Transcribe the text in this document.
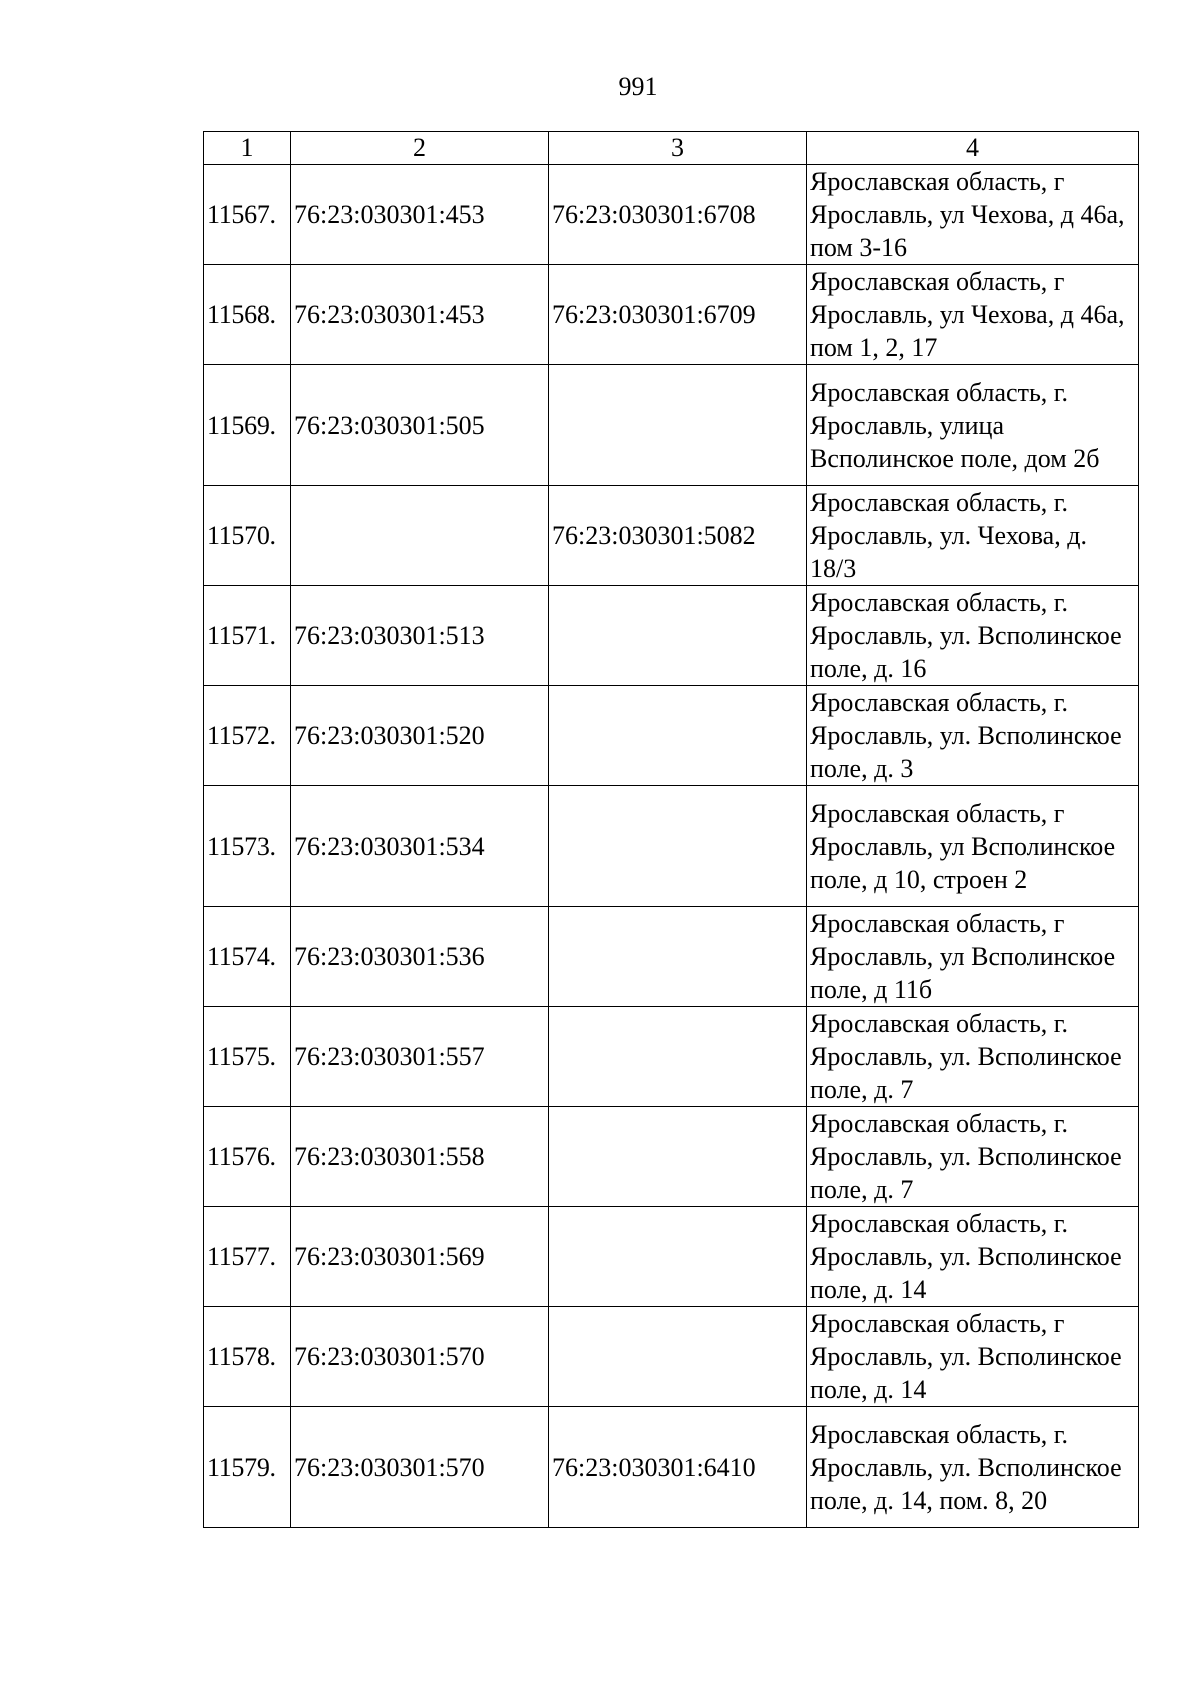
991
1	2	3	4
11567.	76:23:030301:453	76:23:030301:6708	Ярославская область, г Ярославль, ул Чехова, д 46а, пом 3-16
11568.	76:23:030301:453	76:23:030301:6709	Ярославская область, г Ярославль, ул Чехова, д 46а, пом 1, 2, 17
11569.	76:23:030301:505		Ярославская область, г. Ярославль, улица Всполинское поле, дом 2б
11570.		76:23:030301:5082	Ярославская область, г. Ярославль, ул. Чехова, д. 18/3
11571.	76:23:030301:513		Ярославская область, г. Ярославль, ул. Всполинское поле, д. 16
11572.	76:23:030301:520		Ярославская область, г. Ярославль, ул. Всполинское поле, д. 3
11573.	76:23:030301:534		Ярославская область, г Ярославль, ул Всполинское поле, д 10, строен 2
11574.	76:23:030301:536		Ярославская область, г Ярославль, ул Всполинское поле, д 11б
11575.	76:23:030301:557		Ярославская область, г. Ярославль, ул. Всполинское поле, д. 7
11576.	76:23:030301:558		Ярославская область, г. Ярославль, ул. Всполинское поле, д. 7
11577.	76:23:030301:569		Ярославская область, г. Ярославль, ул. Всполинское поле, д. 14
11578.	76:23:030301:570		Ярославская область, г Ярославль, ул. Всполинское поле, д. 14
11579.	76:23:030301:570	76:23:030301:6410	Ярославская область, г. Ярославль, ул. Всполинское поле, д. 14, пом. 8, 20
